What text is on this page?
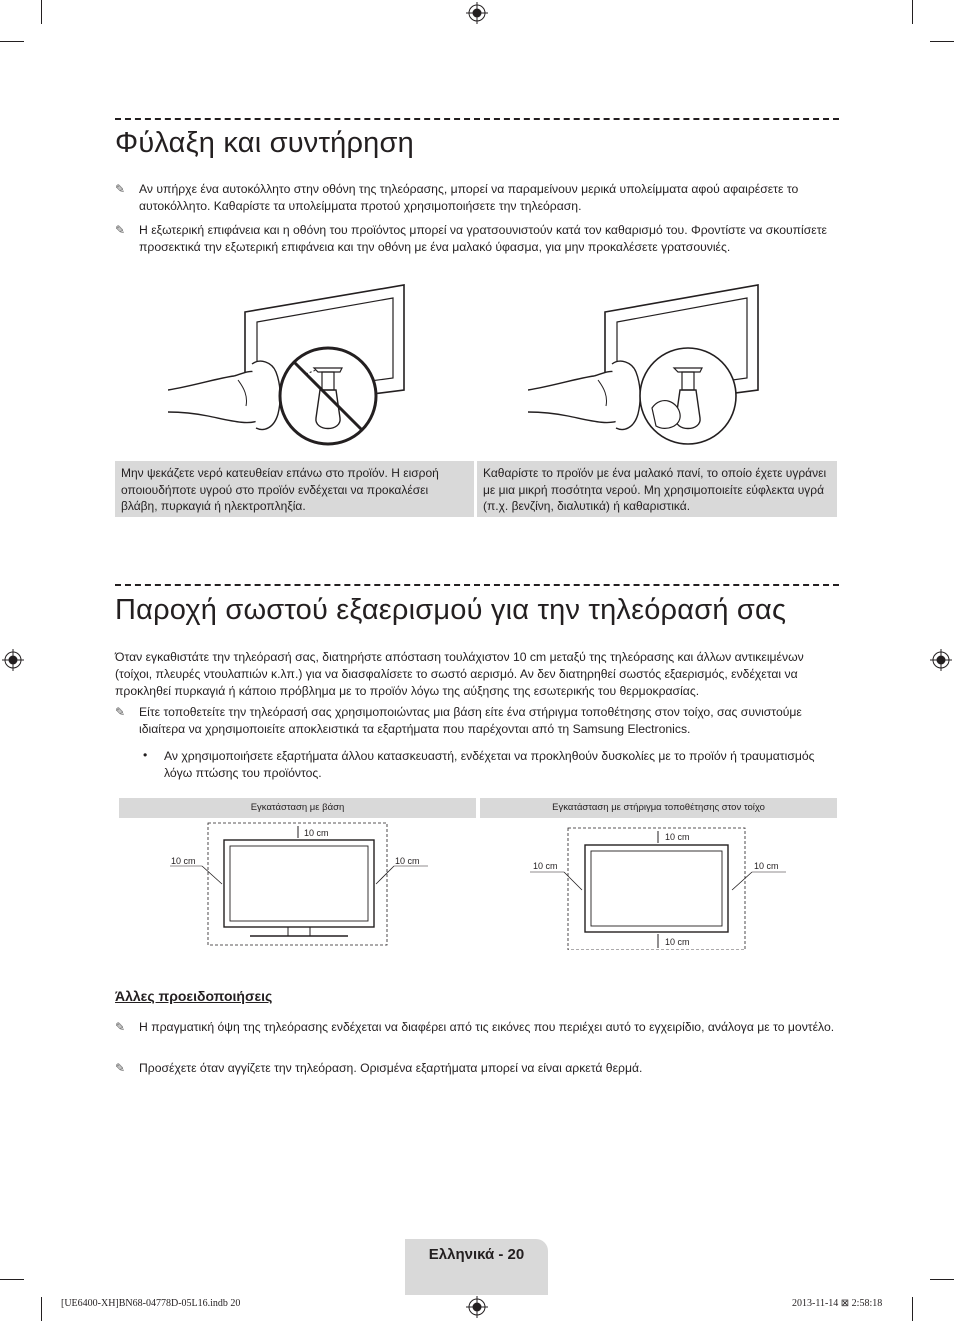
Φύλαξη και συντήρηση
✎	Αν υπήρχε ένα αυτοκόλλητο στην οθόνη της τηλεόρασης, μπορεί να παραμείνουν μερικά υπολείμματα αφού αφαιρέσετε το αυτοκόλλητο. Καθαρίστε τα υπολείμματα προτού χρησιμοποιήσετε την τηλεόραση.
✎	Η εξωτερική επιφάνεια και η οθόνη του προϊόντος μπορεί να γρατσουνιστούν κατά τον καθαρισμό του. Φροντίστε να σκουπίσετε προσεκτικά την εξωτερική επιφάνεια και την οθόνη με ένα μαλακό ύφασμα, για μην προκαλέσετε γρατσουνιές.
Μην ψεκάζετε νερό κατευθείαν επάνω στο προϊόν. Η εισροή οποιουδήποτε υγρού στο προϊόν ενδέχεται να προκαλέσει βλάβη, πυρκαγιά ή ηλεκτροπληξία.
Καθαρίστε το προϊόν με ένα μαλακό πανί, το οποίο έχετε υγράνει με μια μικρή ποσότητα νερού. Μη χρησιμοποιείτε εύφλεκτα υγρά (π.χ. βενζίνη, διαλυτικά) ή καθαριστικά.
Παροχή σωστού εξαερισμού για την τηλεόρασή σας
Όταν εγκαθιστάτε την τηλεόρασή σας, διατηρήστε απόσταση τουλάχιστον 10 cm μεταξύ της τηλεόρασης και άλλων αντικειμένων (τοίχοι, πλευρές ντουλαπιών κ.λπ.) για να διασφαλίσετε το σωστό αερισμό. Αν δεν διατηρηθεί σωστός εξαερισμός, ενδέχεται να προκληθεί πυρκαγιά ή κάποιο πρόβλημα με το προϊόν λόγω της αύξησης της εσωτερικής του θερμοκρασίας.
✎	Είτε τοποθετείτε την τηλεόρασή σας χρησιμοποιώντας μια βάση είτε ένα στήριγμα τοποθέτησης στον τοίχο, σας συνιστούμε ιδιαίτερα να χρησιμοποιείτε αποκλειστικά τα εξαρτήματα που παρέχονται από τη Samsung Electronics.
• Αν χρησιμοποιήσετε εξαρτήματα άλλου κατασκευαστή, ενδέχεται να προκληθούν δυσκολίες με το προϊόν ή τραυματισμός λόγω πτώσης του προϊόντος.
Εγκατάσταση με βάση	Εγκατάσταση με στήριγμα τοποθέτησης στον τοίχο
10 cm
10 cm	10 cm
10 cm
10 cm	10 cm
10 cm
Άλλες προειδοποιήσεις
✎	Η πραγματική όψη της τηλεόρασης ενδέχεται να διαφέρει από τις εικόνες που περιέχει αυτό το εγχειρίδιο, ανάλογα με το μοντέλο.
✎	Προσέχετε όταν αγγίζετε την τηλεόραση. Ορισμένα εξαρτήματα μπορεί να είναι αρκετά θερμά.
Ελληνικά - 20
[UE6400-XH]BN68-04778D-05L16.indb 20	2013-11-14 ⊠ 2:58:18
